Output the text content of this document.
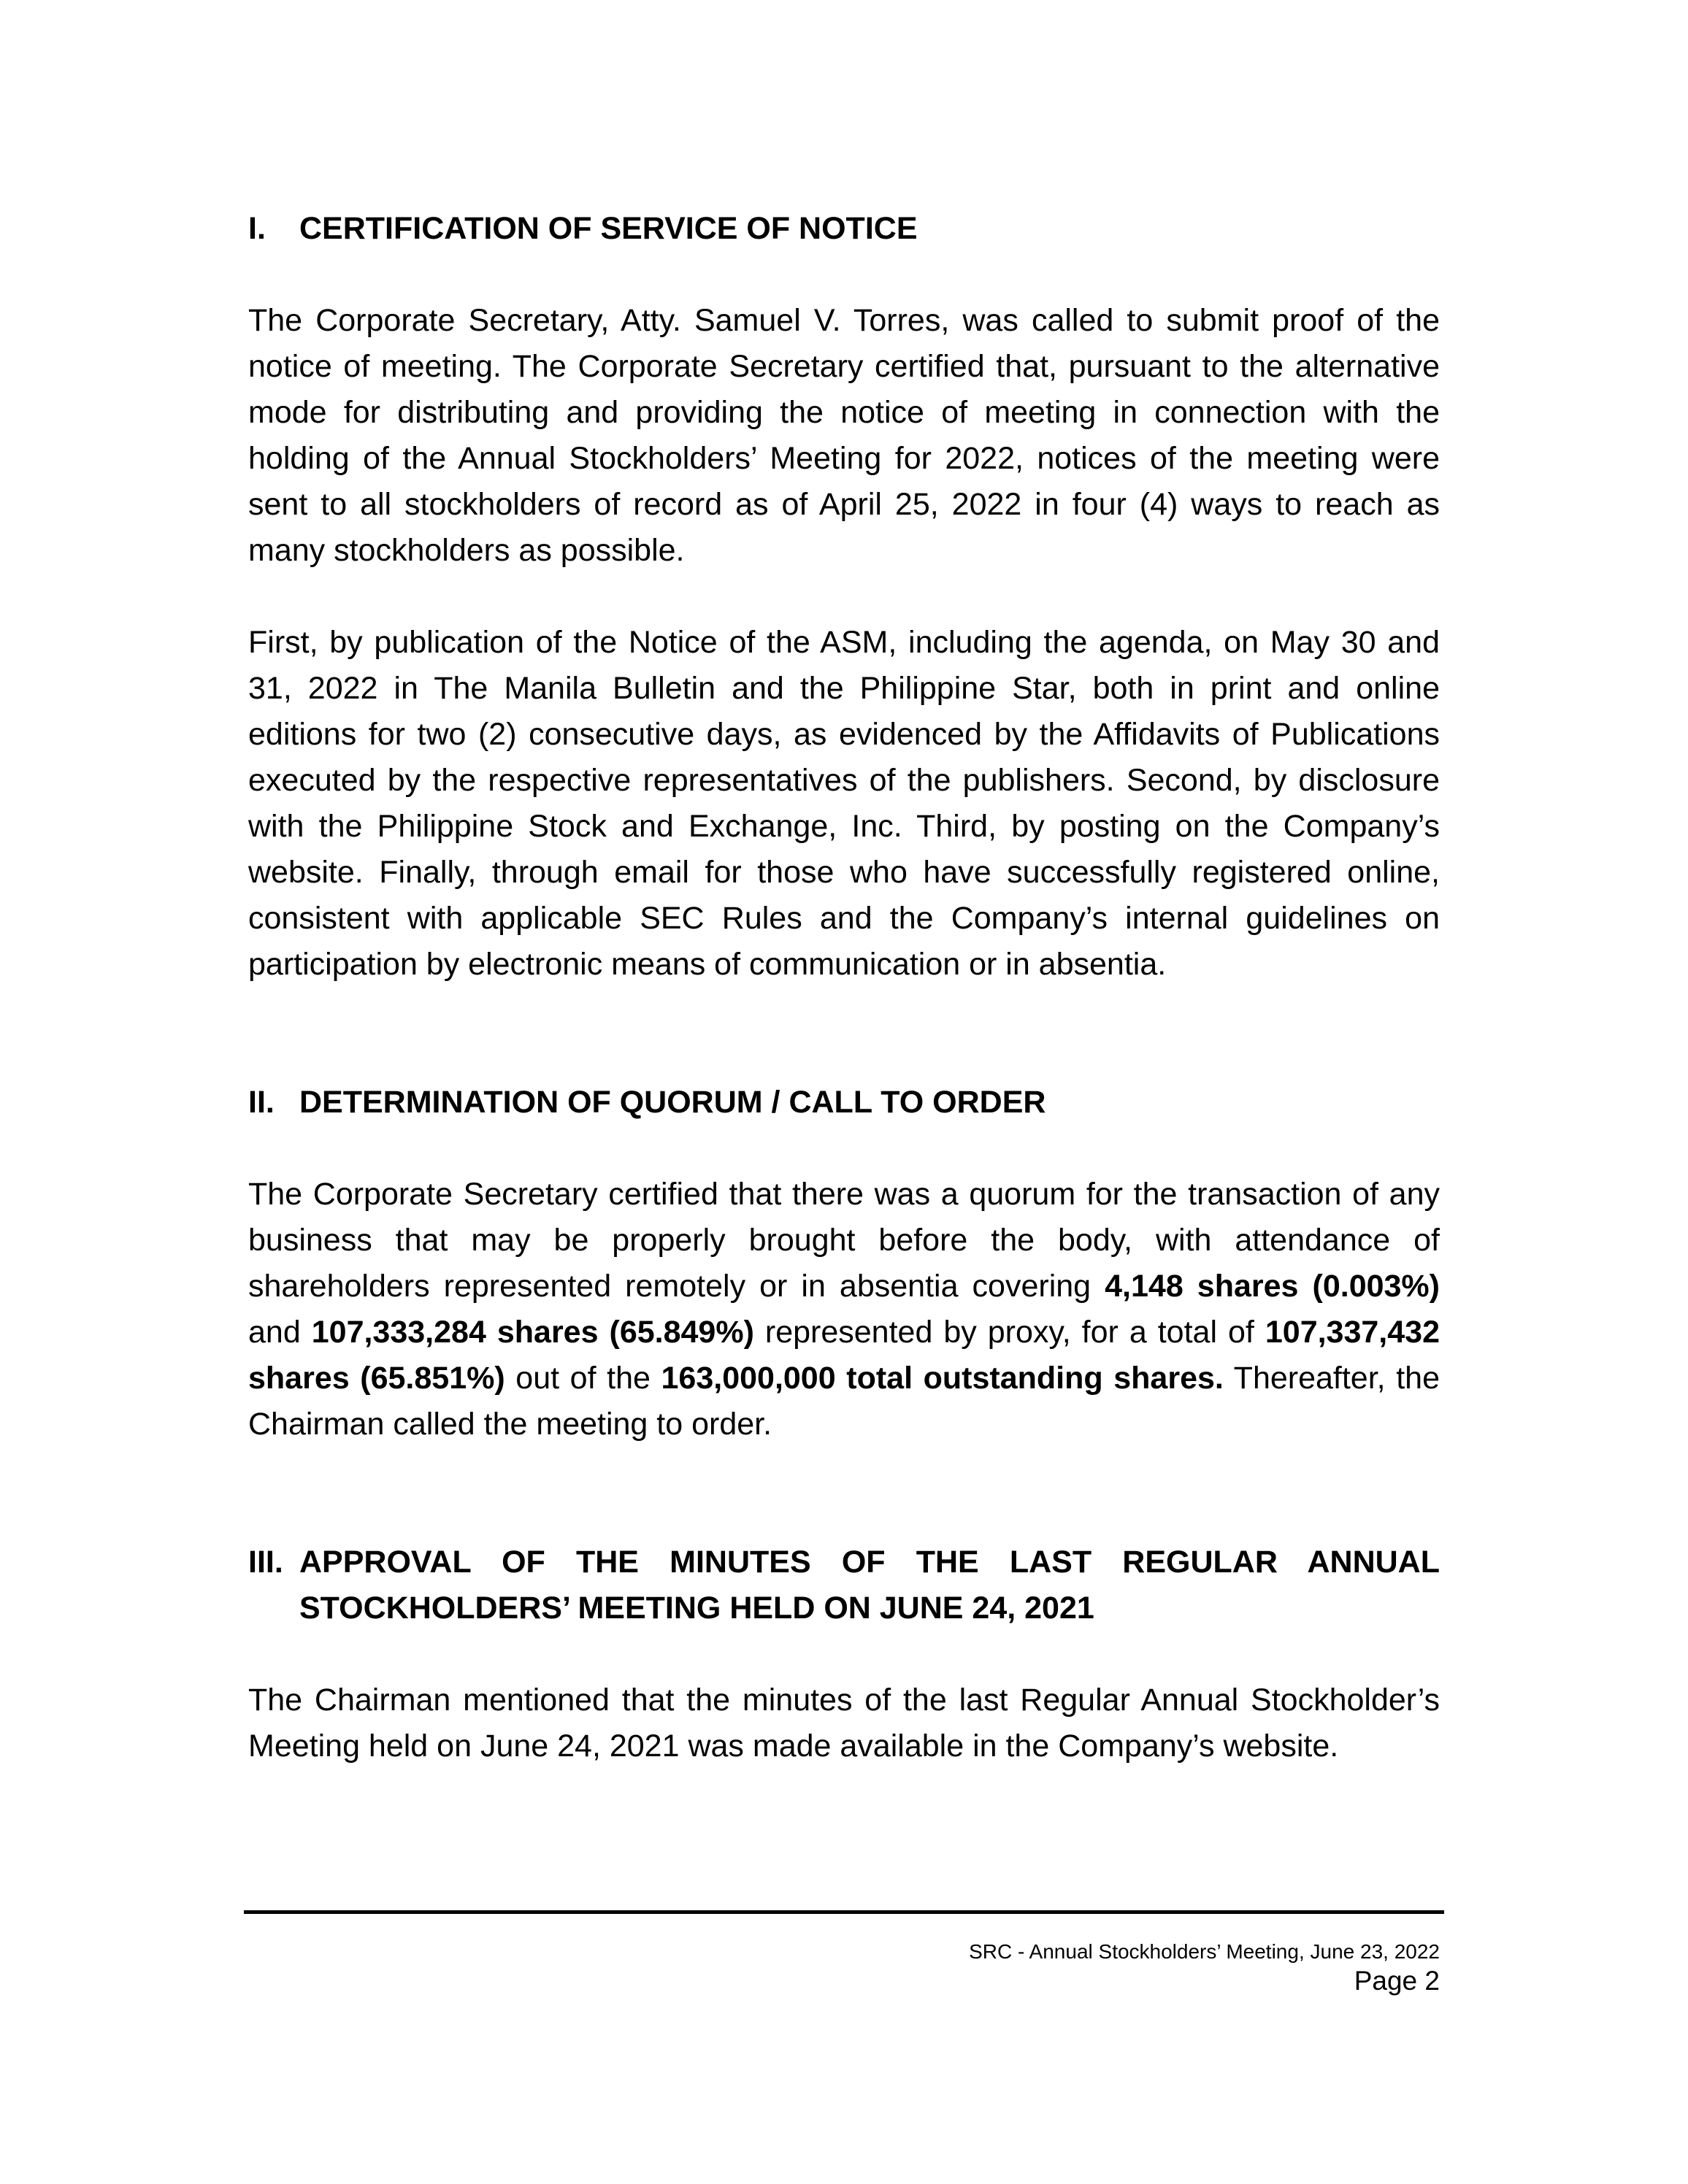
I.	CERTIFICATION OF SERVICE OF NOTICE

The Corporate Secretary, Atty. Samuel V. Torres, was called to submit proof of the notice of meeting. The Corporate Secretary certified that, pursuant to the alternative mode for distributing and providing the notice of meeting in connection with the holding of the Annual Stockholders’ Meeting for 2022, notices of the meeting were sent to all stockholders of record as of April 25, 2022 in four (4) ways to reach as many stockholders as possible.

First, by publication of the Notice of the ASM, including the agenda, on May 30 and 31, 2022 in The Manila Bulletin and the Philippine Star, both in print and online editions for two (2) consecutive days, as evidenced by the Affidavits of Publications executed by the respective representatives of the publishers. Second, by disclosure with the Philippine Stock and Exchange, Inc. Third, by posting on the Company’s website. Finally, through email for those who have successfully registered online, consistent with applicable SEC Rules and the Company’s internal guidelines on participation by electronic means of communication or in absentia.

II. DETERMINATION OF QUORUM / CALL TO ORDER

The Corporate Secretary certified that there was a quorum for the transaction of any business that may be properly brought before the body, with attendance of shareholders represented remotely or in absentia covering 4,148 shares (0.003%) and 107,333,284 shares (65.849%) represented by proxy, for a total of 107,337,432 shares (65.851%) out of the 163,000,000 total outstanding shares. Thereafter, the Chairman called the meeting to order.

III. APPROVAL OF THE MINUTES OF THE LAST REGULAR ANNUAL STOCKHOLDERS’ MEETING HELD ON JUNE 24, 2021

The Chairman mentioned that the minutes of the last Regular Annual Stockholder’s Meeting held on June 24, 2021 was made available in the Company’s website.

SRC - Annual Stockholders’ Meeting, June 23, 2022
Page 2
